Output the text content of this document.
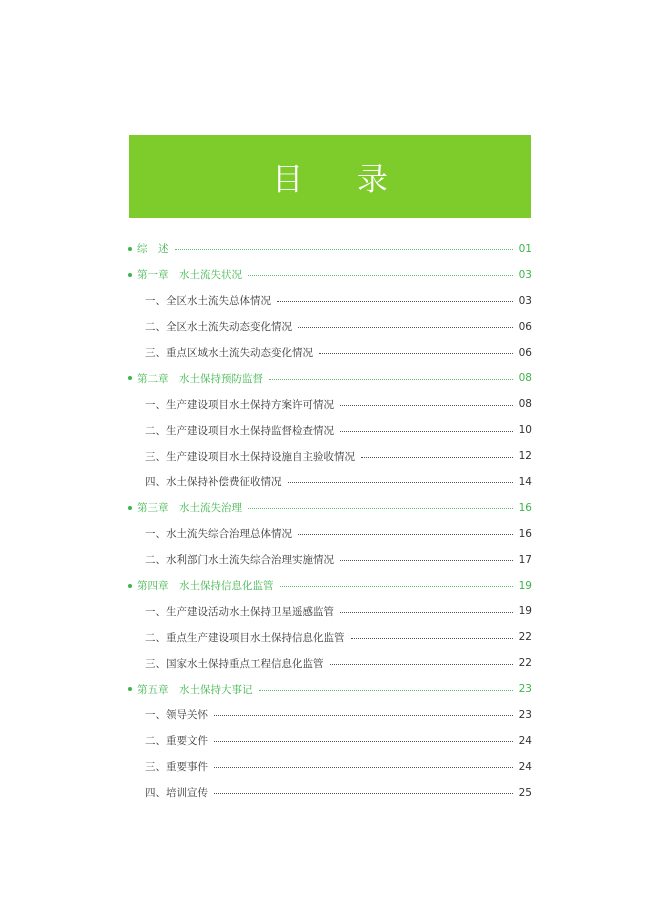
目 录
综　述	01
第一章　水土流失状况	03
一、全区水土流失总体情况	03
二、全区水土流失动态变化情况	06
三、重点区域水土流失动态变化情况	06
第二章　水土保持预防监督	08
一、生产建设项目水土保持方案许可情况	08
二、生产建设项目水土保持监督检查情况	10
三、生产建设项目水土保持设施自主验收情况	12
四、水土保持补偿费征收情况	14
第三章　水土流失治理	16
一、水土流失综合治理总体情况	16
二、水利部门水土流失综合治理实施情况	17
第四章　水土保持信息化监管	19
一、生产建设活动水土保持卫星遥感监管	19
二、重点生产建设项目水土保持信息化监管	22
三、国家水土保持重点工程信息化监管	22
第五章　水土保持大事记	23
一、领导关怀	23
二、重要文件	24
三、重要事件	24
四、培训宣传	25
